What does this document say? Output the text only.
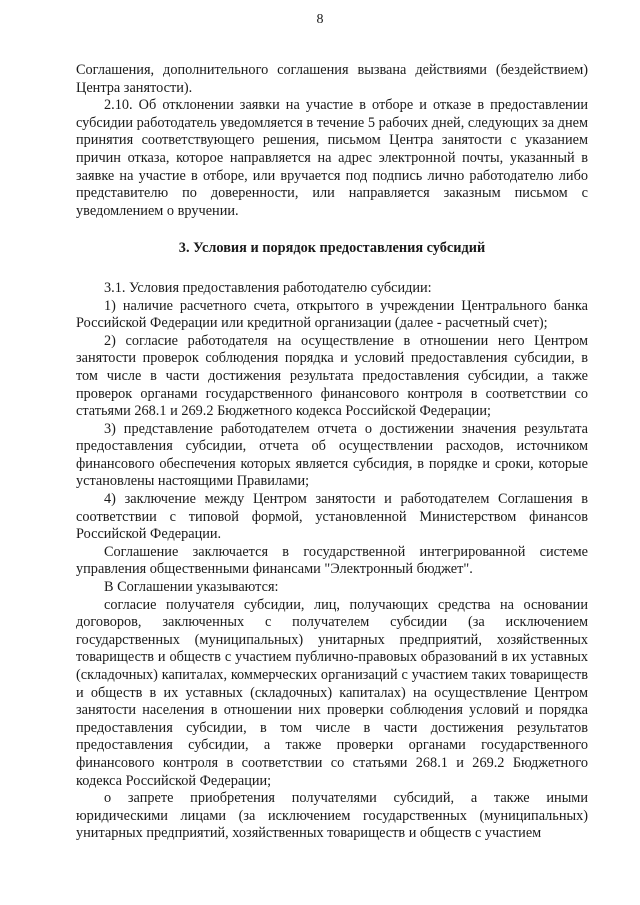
8

Соглашения, дополнительного соглашения вызвана действиями (бездействием) Центра занятости).

2.10. Об отклонении заявки на участие в отборе и отказе в предоставлении субсидии работодатель уведомляется в течение 5 рабочих дней, следующих за днем принятия соответствующего решения, письмом Центра занятости с указанием причин отказа, которое направляется на адрес электронной почты, указанный в заявке на участие в отборе, или вручается под подпись лично работодателю либо представителю по доверенности, или направляется заказным письмом с уведомлением о вручении.

3. Условия и порядок предоставления субсидий

3.1. Условия предоставления работодателю субсидии:

1) наличие расчетного счета, открытого в учреждении Центрального банка Российской Федерации или кредитной организации (далее - расчетный счет);

2) согласие работодателя на осуществление в отношении него Центром занятости проверок соблюдения порядка и условий предоставления субсидии, в том числе в части достижения результата предоставления субсидии, а также проверок органами государственного финансового контроля в соответствии со статьями 268.1 и 269.2 Бюджетного кодекса Российской Федерации;

3) представление работодателем отчета о достижении значения результата предоставления субсидии, отчета об осуществлении расходов, источником финансового обеспечения которых является субсидия, в порядке и сроки, которые установлены настоящими Правилами;

4) заключение между Центром занятости и работодателем Соглашения в соответствии с типовой формой, установленной Министерством финансов Российской Федерации.

Соглашение заключается в государственной интегрированной системе управления общественными финансами "Электронный бюджет".

В Соглашении указываются:

согласие получателя субсидии, лиц, получающих средства на основании договоров, заключенных с получателем субсидии (за исключением государственных (муниципальных) унитарных предприятий, хозяйственных товариществ и обществ с участием публично-правовых образований в их уставных (складочных) капиталах, коммерческих организаций с участием таких товариществ и обществ в их уставных (складочных) капиталах) на осуществление Центром занятости населения в отношении них проверки соблюдения условий и порядка предоставления субсидии, в том числе в части достижения результатов предоставления субсидии, а также проверки органами государственного финансового контроля в соответствии со статьями 268.1 и 269.2 Бюджетного кодекса Российской Федерации;

о запрете приобретения получателями субсидий, а также иными юридическими лицами (за исключением государственных (муниципальных) унитарных предприятий, хозяйственных товариществ и обществ с участием
